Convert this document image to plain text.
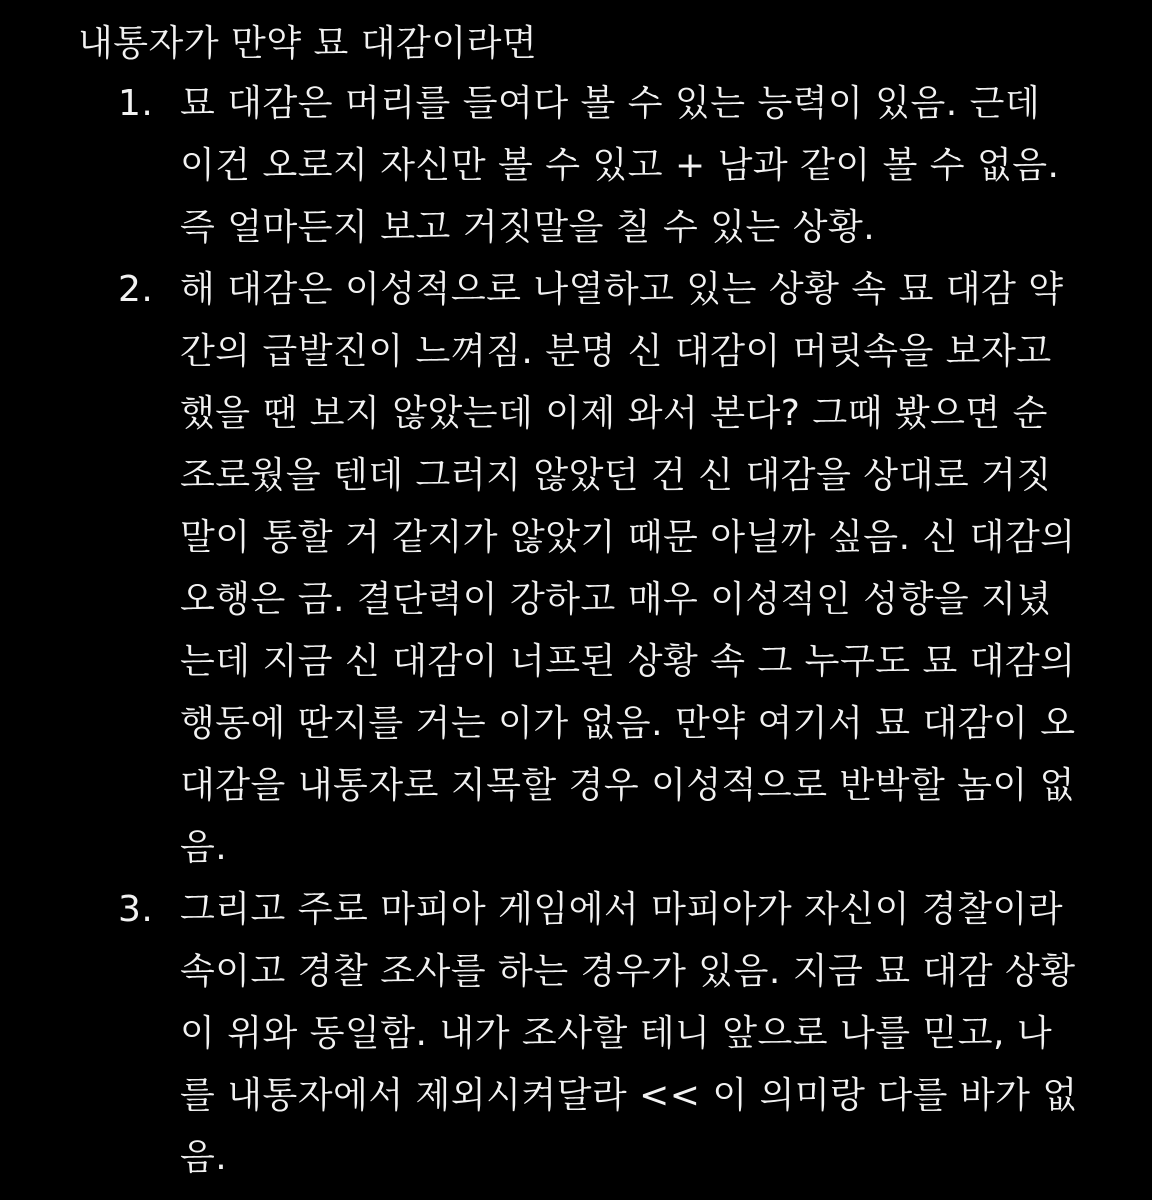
내통자가 만약 묘 대감이라면
1. 묘 대감은 머리를 들여다 볼 수 있는 능력이 있음. 근데
이건 오로지 자신만 볼 수 있고 + 남과 같이 볼 수 없음.
즉 얼마든지 보고 거짓말을 칠 수 있는 상황.
2. 해 대감은 이성적으로 나열하고 있는 상황 속 묘 대감 약
간의 급발진이 느껴짐. 분명 신 대감이 머릿속을 보자고
했을 땐 보지 않았는데 이제 와서 본다? 그때 봤으면 순
조로웠을 텐데 그러지 않았던 건 신 대감을 상대로 거짓
말이 통할 거 같지가 않았기 때문 아닐까 싶음. 신 대감의
오행은 금. 결단력이 강하고 매우 이성적인 성향을 지녔
는데 지금 신 대감이 너프된 상황 속 그 누구도 묘 대감의
행동에 딴지를 거는 이가 없음. 만약 여기서 묘 대감이 오
대감을 내통자로 지목할 경우 이성적으로 반박할 놈이 없
음.
3. 그리고 주로 마피아 게임에서 마피아가 자신이 경찰이라
속이고 경찰 조사를 하는 경우가 있음. 지금 묘 대감 상황
이 위와 동일함. 내가 조사할 테니 앞으로 나를 믿고, 나
를 내통자에서 제외시켜달라 << 이 의미랑 다를 바가 없
음.
